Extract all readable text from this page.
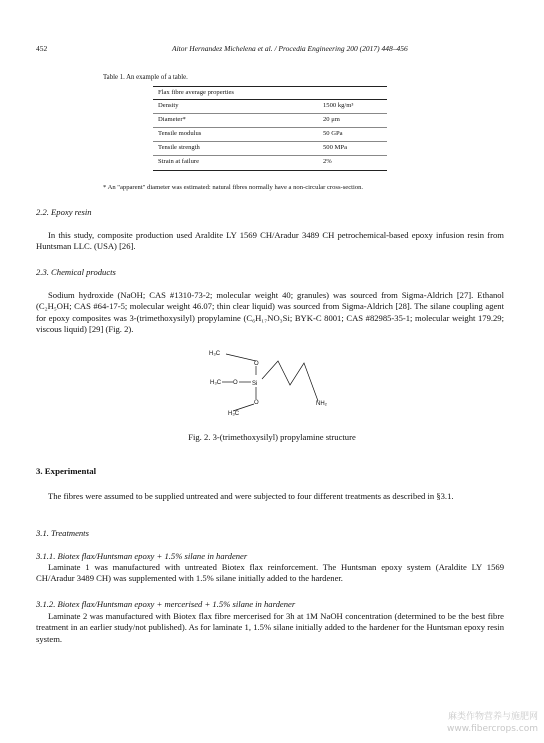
452	Aitor Hernandez Michelena et al. / Procedia Engineering 200 (2017) 448–456
Table 1. An example of a table.
Flax fibre average properties
Density	1500 kg/m³
Diameter*	20 μm
Tensile modulus	50 GPa
Tensile strength	500 MPa
Strain at failure	2%
* An "apparent" diameter was estimated: natural fibres normally have a non-circular cross-section.
2.2. Epoxy resin
In this study, composite production used Araldite LY 1569 CH/Aradur 3489 CH petrochemical-based epoxy infusion resin from Huntsman LLC. (USA) [26].
2.3. Chemical products
Sodium hydroxide (NaOH; CAS #1310-73-2; molecular weight 40; granules) was sourced from Sigma-Aldrich [27]. Ethanol (C₂H₅OH; CAS #64-17-5; molecular weight 46.07; thin clear liquid) was sourced from Sigma-Aldrich [28]. The silane coupling agent for epoxy composites was 3-(trimethoxysilyl) propylamine (C₆H₁₇NO₃Si; BYK-C 8001; CAS #82985-35-1; molecular weight 179.29; viscous liquid) [29] (Fig. 2).
H₃C
O
H₃C O Si
O
H₃C
NH₂
Fig. 2. 3-(trimethoxysilyl) propylamine structure
3. Experimental
The fibres were assumed to be supplied untreated and were subjected to four different treatments as described in §3.1.
3.1. Treatments
3.1.1. Biotex flax/Huntsman epoxy + 1.5% silane in hardener
Laminate 1 was manufactured with untreated Biotex flax reinforcement. The Huntsman epoxy system (Araldite LY 1569 CH/Aradur 3489 CH) was supplemented with 1.5% silane initially added to the hardener.
3.1.2. Biotex flax/Huntsman epoxy + mercerised + 1.5% silane in hardener
Laminate 2 was manufactured with Biotex flax fibre mercerised for 3h at 1M NaOH concentration (determined to be the best fibre treatment in an earlier study/not published). As for laminate 1, 1.5% silane initially added to the hardener for the Huntsman epoxy resin system.
麻类作物营养与施肥网
www.fibercrops.com
